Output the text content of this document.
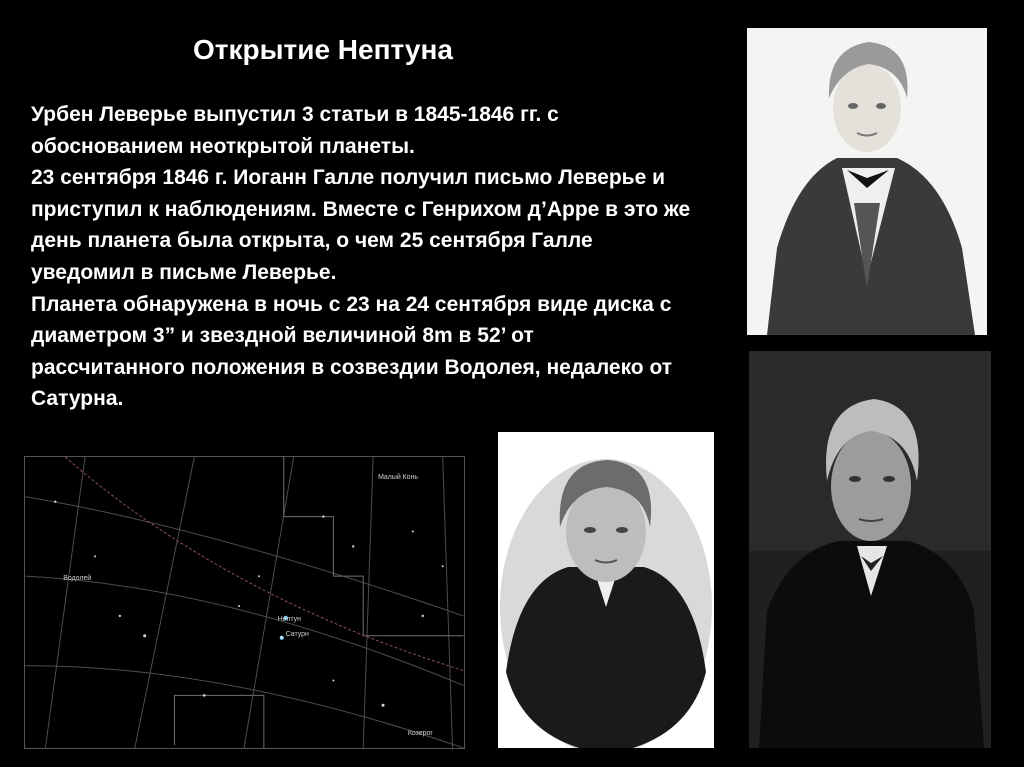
Открытие Нептуна

Урбен Леверье выпустил 3 статьи в 1845-1846 гг. с обоснованием неоткрытой планеты.

23 сентября 1846 г. Иоганн Галле получил письмо Леверье и приступил к наблюдениям. Вместе с Генрихом д’Арре в это же день планета была открыта, о чем 25 сентября Галле уведомил в письме Леверье.

Планета обнаружена в ночь с 23 на 24 сентября виде диска с диаметром 3” и звездной величиной 8m в 52’ от рассчитанного положения в созвездии Водолея, недалеко от Сатурна.

Малый Конь
Водолей
Нептун
Сатурн
Козерог
